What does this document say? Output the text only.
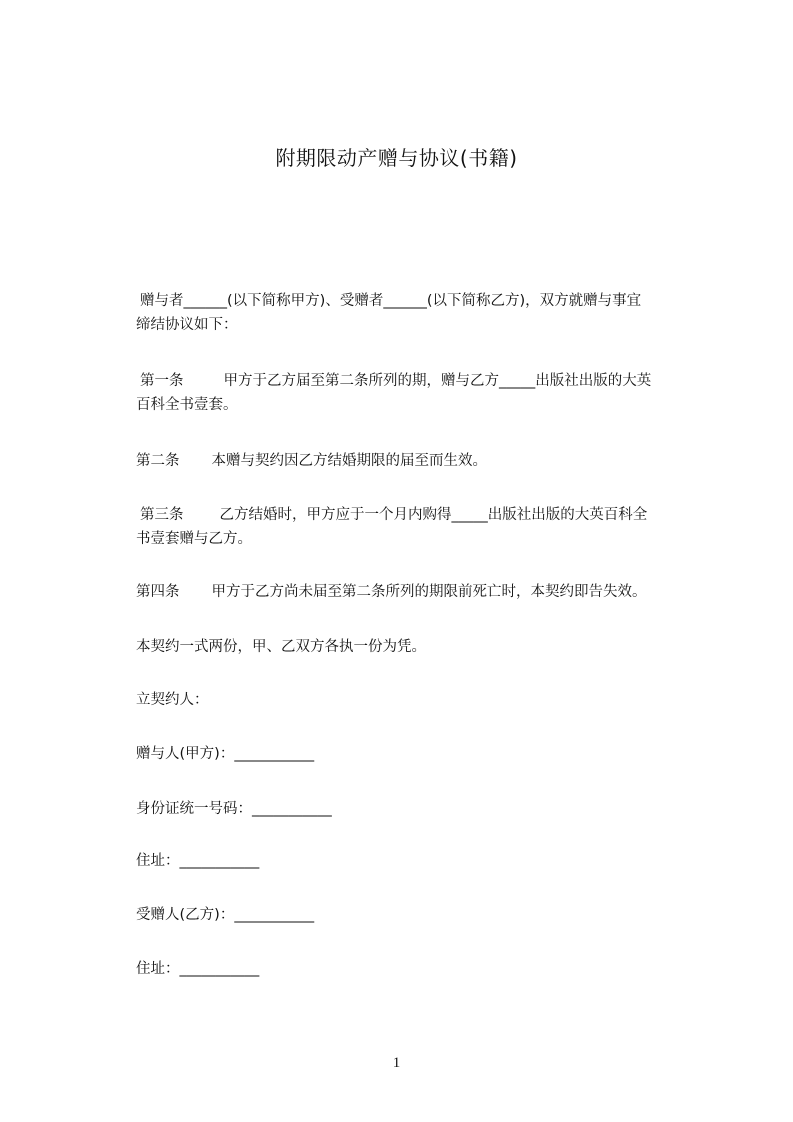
附期限动产赠与协议(书籍)
赠与者______(以下简称甲方)、受赠者______(以下简称乙方)，双方就赠与事宜
缔结协议如下：
第一条	甲方于乙方届至第二条所列的期，赠与乙方_____出版社出版的大英
百科全书壹套。
第二条 本赠与契约因乙方结婚期限的届至而生效。
第三条 乙方结婚时，甲方应于一个月内购得_____出版社出版的大英百科全
书壹套赠与乙方。
第四条 甲方于乙方尚未届至第二条所列的期限前死亡时，本契约即告失效。
本契约一式两份，甲、乙双方各执一份为凭。
立契约人：
赠与人(甲方)：___________
身份证统一号码：___________
住址：___________
受赠人(乙方)：___________
住址：___________
1
